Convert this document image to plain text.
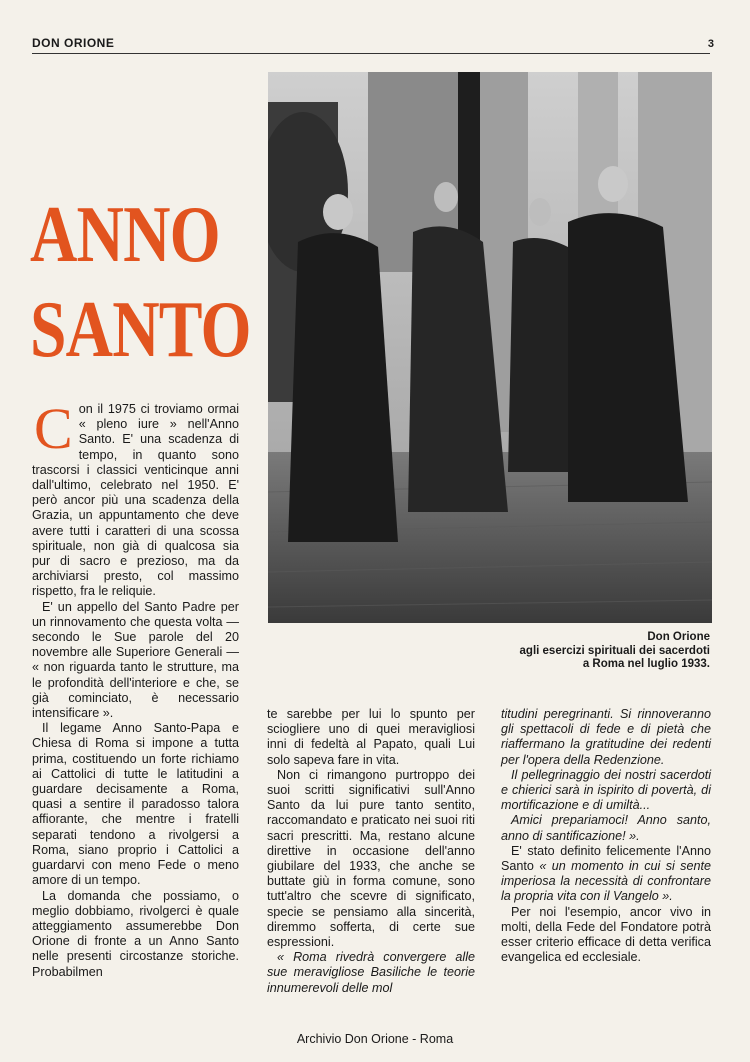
DON ORIONE	3
ANNO
SANTO
Don Orione
agli esercizi spirituali dei sacerdoti
a Roma nel luglio 1933.

Con il 1975 ci troviamo ormai « pleno iure » nell'Anno Santo. E' una scadenza di tempo, in quanto sono trascorsi i classici venticinque anni dall'ultimo, celebrato nel 1950. E' però ancor più una scadenza della Grazia, un appuntamento che deve avere tutti i caratteri di una scossa spirituale, non già di qualcosa sia pur di sacro e prezioso, ma da archiviarsi presto, col massimo rispetto, fra le reliquie.

E' un appello del Santo Padre per un rinnovamento che questa volta — secondo le Sue parole del 20 novembre alle Superiore Generali — « non riguarda tanto le strutture, ma le profondità dell'interiore e che, se già cominciato, è necessario intensificare ».

Il legame Anno Santo-Papa e Chiesa di Roma si impone a tutta prima, costituendo un forte richiamo ai Cattolici di tutte le latitudini a guardare decisamente a Roma, quasi a sentire il paradosso talora affiorante, che mentre i fratelli separati tendono a rivolgersi a Roma, siano proprio i Cattolici a guardarvi con meno Fede o meno amore di un tempo.

La domanda che possiamo, o meglio dobbiamo, rivolgerci è quale atteggiamento assumerebbe Don Orione di fronte a un Anno Santo nelle presenti circostanze storiche. Probabilmen

te sarebbe per lui lo spunto per sciogliere uno di quei meravigliosi inni di fedeltà al Papato, quali Lui solo sapeva fare in vita.

Non ci rimangono purtroppo dei suoi scritti significativi sull'Anno Santo da lui pure tanto sentito, raccomandato e praticato nei suoi riti sacri prescritti. Ma, restano alcune direttive in occasione dell'anno giubilare del 1933, che anche se buttate giù in forma comune, sono tutt'altro che scevre di significato, specie se pensiamo alla sincerità, diremmo sofferta, di certe sue espressioni.

« Roma rivedrà convergere alle sue meravigliose Basiliche le teorie innumerevoli delle mol

titudini peregrinanti. Si rinnoveranno gli spettacoli di fede e di pietà che riaffermano la gratitudine dei redenti per l'opera della Redenzione.

Il pellegrinaggio dei nostri sacerdoti e chierici sarà in ispirito di povertà, di mortificazione e di umiltà...

Amici prepariamoci! Anno santo, anno di santificazione! ».

E' stato definito felicemente l'Anno Santo « un momento in cui si sente imperiosa la necessità di confrontare la propria vita con il Vangelo ».

Per noi l'esempio, ancor vivo in molti, della Fede del Fondatore potrà esser criterio efficace di detta verifica evangelica ed ecclesiale.

Archivio Don Orione - Roma
